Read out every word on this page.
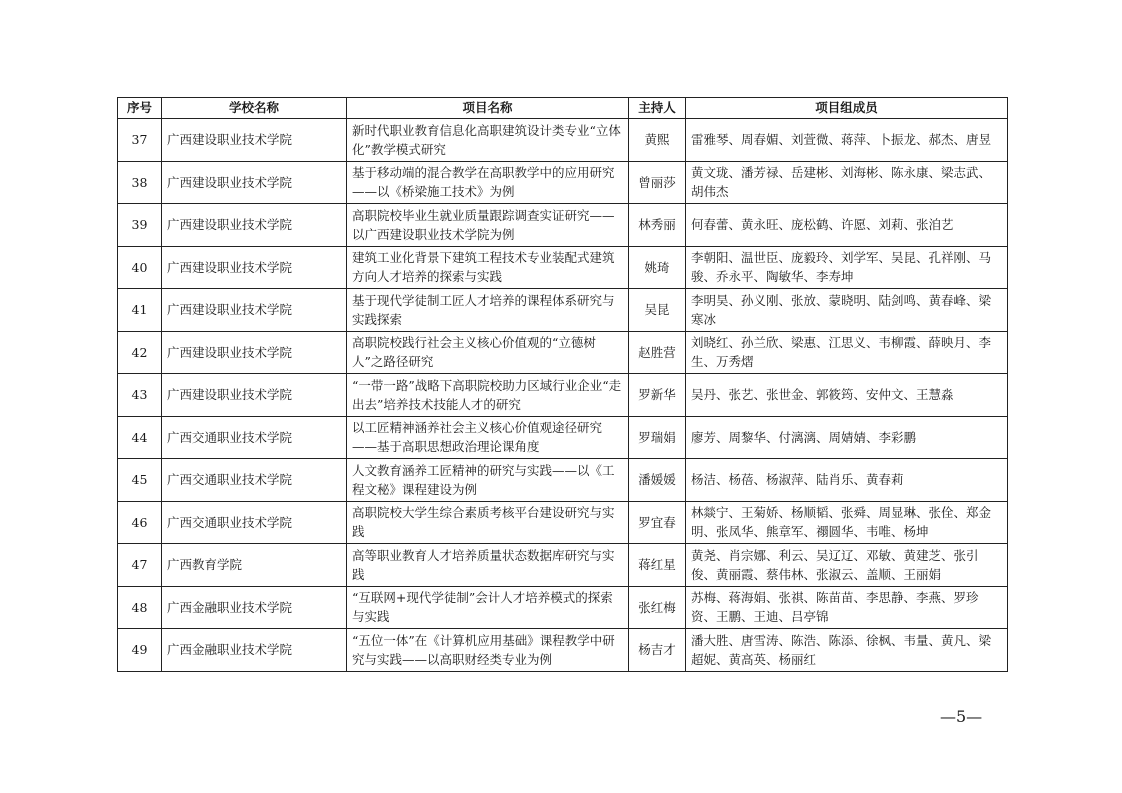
序号	学校名称	项目名称	主持人	项目组成员

37	广西建设职业技术学院	新时代职业教育信息化高职建筑设计类专业“立体化”教学模式研究	黄熙	雷雅琴、周春媚、刘萱微、蒋萍、卜振龙、郝杰、唐昱

38	广西建设职业技术学院	基于移动端的混合教学在高职教学中的应用研究——以《桥梁施工技术》为例	曾丽莎	黄文珑、潘芳禄、岳建彬、刘海彬、陈永康、梁志武、胡伟杰

39	广西建设职业技术学院	高职院校毕业生就业质量跟踪调查实证研究——以广西建设职业技术学院为例	林秀丽	何春蕾、黄永旺、庞松鹤、许愿、刘莉、张洎艺

40	广西建设职业技术学院	建筑工业化背景下建筑工程技术专业装配式建筑方向人才培养的探索与实践	姚琦	李朝阳、温世臣、庞毅玲、刘学军、吴昆、孔祥刚、马骏、乔永平、陶敏华、李寿坤

41	广西建设职业技术学院	基于现代学徒制工匠人才培养的课程体系研究与实践探索	吴昆	李明昊、孙义刚、张放、蒙晓明、陆剑鸣、黄春峰、梁寒冰

42	广西建设职业技术学院	高职院校践行社会主义核心价值观的“立德树人”之路径研究	赵胜营	刘晓红、孙兰欣、梁惠、江思义、韦柳霞、薛映月、李生、万秀熠

43	广西建设职业技术学院	“一带一路”战略下高职院校助力区域行业企业“走出去”培养技术技能人才的研究	罗新华	吴丹、张艺、张世金、郭筱筠、安仲文、王慧淼

44	广西交通职业技术学院	以工匠精神涵养社会主义核心价值观途径研究——基于高职思想政治理论课角度	罗瑞娟	廖芳、周黎华、付漓漓、周婧婧、李彩鹏

45	广西交通职业技术学院	人文教育涵养工匠精神的研究与实践——以《工程文秘》课程建设为例	潘媛媛	杨洁、杨蓓、杨淑萍、陆肖乐、黄春莉

46	广西交通职业技术学院	高职院校大学生综合素质考核平台建设研究与实践	罗宜春	林燚宁、王菊娇、杨顺韬、张舜、周显琳、张佺、郑金明、张凤华、熊章军、禤圆华、韦唯、杨坤

47	广西教育学院	高等职业教育人才培养质量状态数据库研究与实践	蒋红星	黄尧、肖宗娜、利云、吴辽辽、邓敏、黄建芝、张引俊、黄丽霞、蔡伟林、张淑云、盖顺、王丽娟

48	广西金融职业技术学院	“互联网+现代学徒制”会计人才培养模式的探索与实践	张红梅	苏梅、蒋海娟、张祺、陈苗苗、李思静、李燕、罗珍资、王鹏、王迪、吕亭锦

49	广西金融职业技术学院	“五位一体”在《计算机应用基础》课程教学中研究与实践——以高职财经类专业为例	杨吉才	潘大胜、唐雪涛、陈浩、陈添、徐枫、韦量、黄凡、梁超妮、黄高英、杨丽红
—5—
